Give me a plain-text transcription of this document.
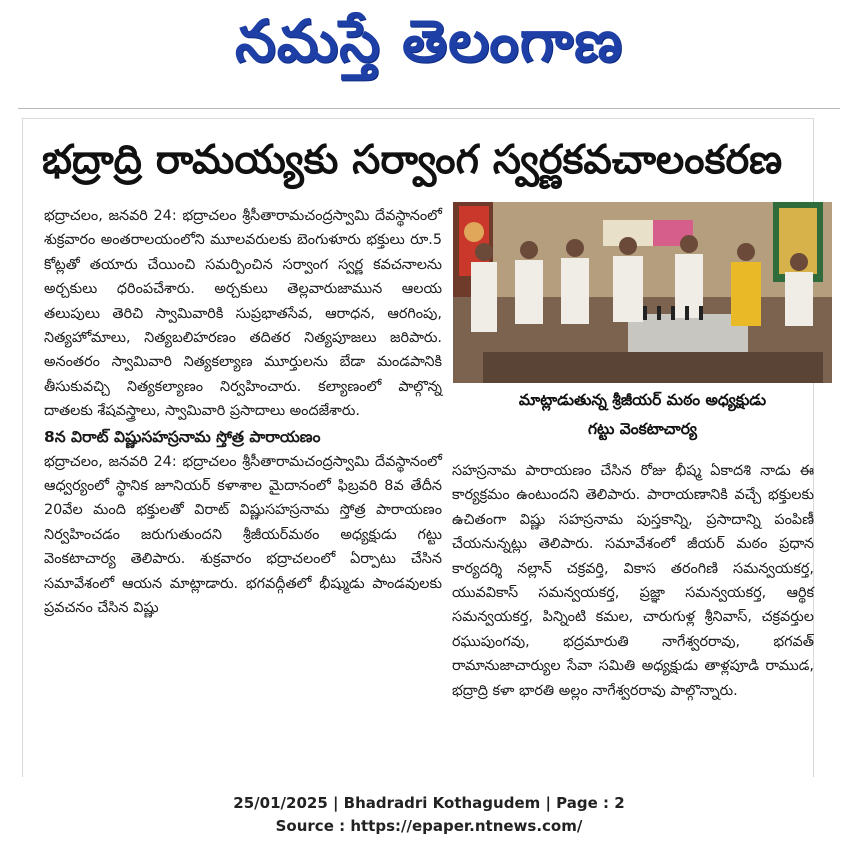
నమస్తే తెలంగాణ
భద్రాద్రి రామయ్యకు సర్వాంగ స్వర్ణకవచాలంకరణ

భద్రాచలం, జనవరి 24: భద్రాచలం శ్రీసీతారామచంద్రస్వామి దేవస్థానంలో శుక్రవారం అంతరాలయంలోని మూలవరులకు బెంగుళూరు భక్తులు రూ.5 కోట్లతో తయారు చేయించి సమర్పించిన సర్వాంగ స్వర్ణ కవచనాలను అర్చకులు ధరింపచేశారు. అర్చకులు తెల్లవారుజామున ఆలయ తలుపులు తెరిచి స్వామివారికి సుప్రభాతసేవ, ఆరాధన, ఆరగింపు, నిత్యహోమాలు, నిత్యబలిహరణం తదితర నిత్యపూజలు జరిపారు. అనంతరం స్వామివారి నిత్యకల్యాణ మూర్తులను బేడా మండపానికి తీసుకువచ్చి నిత్యకల్యాణం నిర్వహించారు. కల్యాణంలో పాల్గొన్న దాతలకు శేషవస్త్రాలు, స్వామివారి ప్రసాదాలు అందజేశారు.

8న విరాట్ విష్ణుసహస్రనామ స్తోత్ర పారాయణం

భద్రాచలం, జనవరి 24: భద్రాచలం శ్రీసీతారామచంద్రస్వామి దేవస్థానంలో ఆధ్వర్యంలో స్థానిక జూనియర్ కళాశాల మైదానంలో ఫిబ్రవరి 8వ తేదీన 20వేల మంది భక్తులతో విరాట్ విష్ణుసహస్రనామ స్తోత్ర పారాయణం నిర్వహించడం జరుగుతుందని శ్రీజీయర్‌మఠం అధ్యక్షుడు గట్టు వెంకటాచార్య తెలిపారు. శుక్రవారం భద్రాచలంలో ఏర్పాటు చేసిన సమావేశంలో ఆయన మాట్లాడారు. భగవద్గీతలో భీష్ముడు పాండవులకు ప్రవచనం చేసిన విష్ణు

మాట్లాడుతున్న శ్రీజీయర్ మఠం అధ్యక్షుడు
గట్టు వెంకటాచార్య

సహస్రనామ పారాయణం చేసిన రోజు భీష్మ ఏకాదశి నాడు ఈ కార్యక్రమం ఉంటుందని తెలిపారు. పారాయణానికి వచ్చే భక్తులకు ఉచితంగా విష్ణు సహస్రనామ పుస్తకాన్ని, ప్రసాదాన్ని పంపిణీ చేయనున్నట్లు తెలిపారు. సమావేశంలో జీయర్ మఠం ప్రధాన కార్యదర్శి నల్లాన్ చక్రవర్తి, వికాస తరంగిణి సమన్వయకర్త, యువవికాస్ సమన్వయకర్త, ప్రజ్ఞా సమన్వయకర్త, ఆర్థిక సమన్వయకర్త, పిన్నింటి కమల, చారుగుళ్ల శ్రీనివాస్, చక్రవర్తుల రఘుపుంగవు, భద్రమారుతి నాగేశ్వరరావు, భగవత్ రామానుజాచార్యుల సేవా సమితి అధ్యక్షుడు తాళ్లపూడి రాముడ, భద్రాద్రి కళా భారతి అల్లం నాగేశ్వరరావు పాల్గొన్నారు.

25/01/2025 | Bhadradri Kothagudem | Page : 2
Source : https://epaper.ntnews.com/
